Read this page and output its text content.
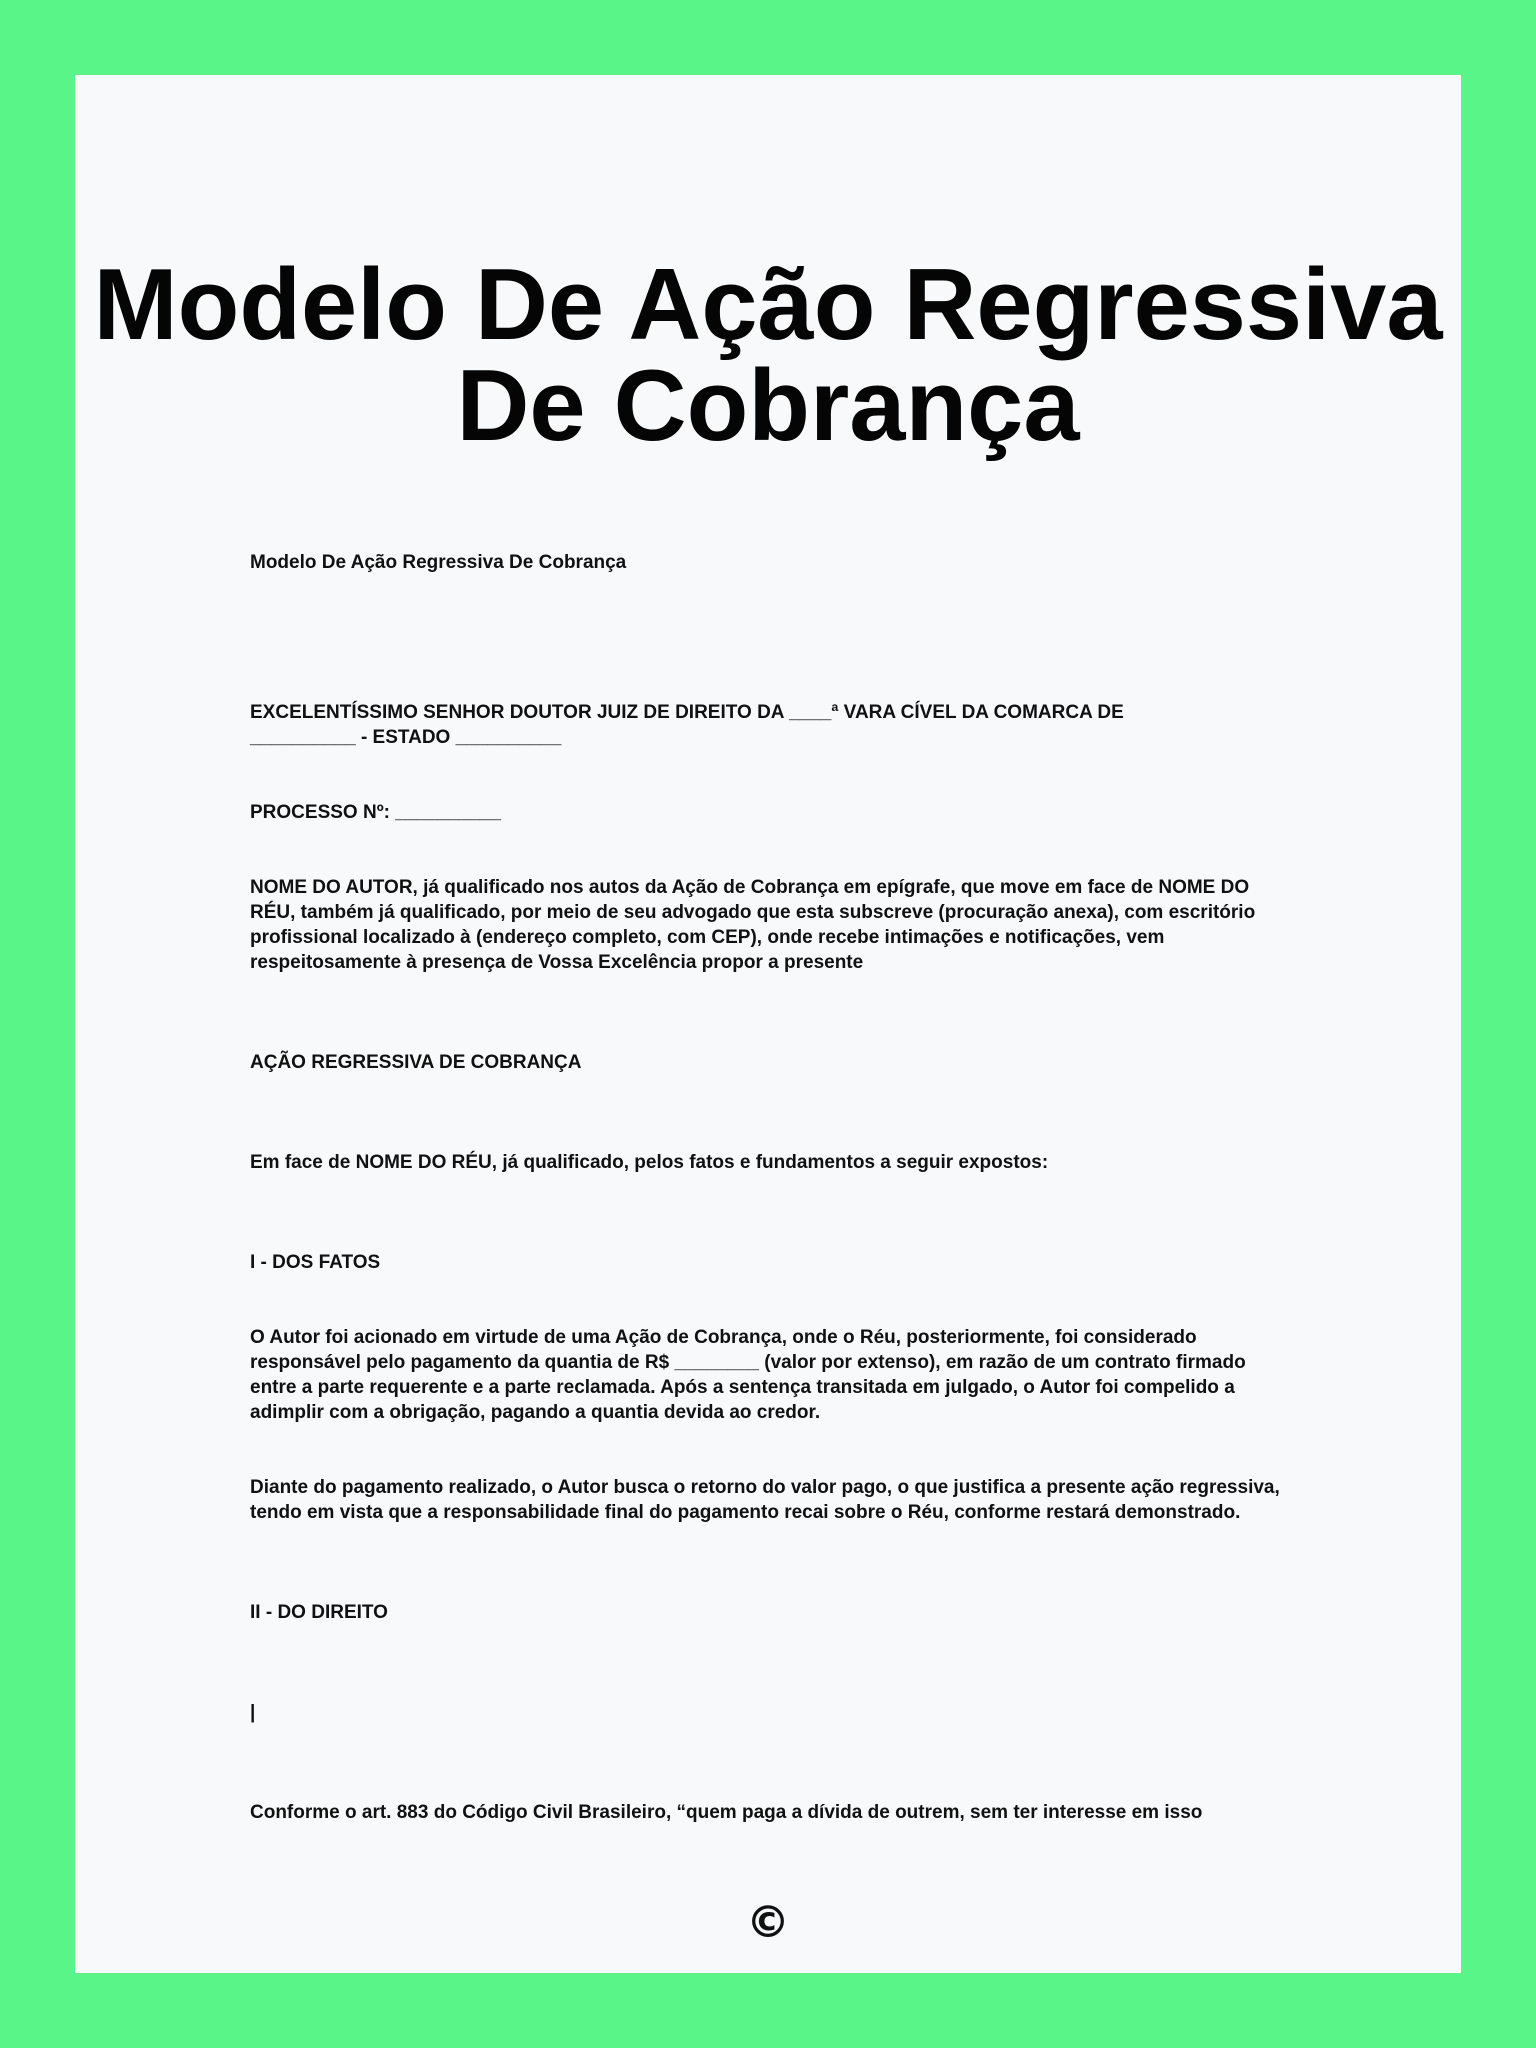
Modelo De Ação Regressiva
De Cobrança

Modelo De Ação Regressiva De Cobrança

EXCELENTÍSSIMO SENHOR DOUTOR JUIZ DE DIREITO DA ____ª VARA CÍVEL DA COMARCA DE
__________ - ESTADO __________

PROCESSO Nº: __________

NOME DO AUTOR, já qualificado nos autos da Ação de Cobrança em epígrafe, que move em face de NOME DO RÉU, também já qualificado, por meio de seu advogado que esta subscreve (procuração anexa), com escritório profissional localizado à (endereço completo, com CEP), onde recebe intimações e notificações, vem respeitosamente à presença de Vossa Excelência propor a presente

AÇÃO REGRESSIVA DE COBRANÇA

Em face de NOME DO RÉU, já qualificado, pelos fatos e fundamentos a seguir expostos:

I - DOS FATOS

O Autor foi acionado em virtude de uma Ação de Cobrança, onde o Réu, posteriormente, foi considerado responsável pelo pagamento da quantia de R$ ________ (valor por extenso), em razão de um contrato firmado entre a parte requerente e a parte reclamada. Após a sentença transitada em julgado, o Autor foi compelido a adimplir com a obrigação, pagando a quantia devida ao credor.

Diante do pagamento realizado, o Autor busca o retorno do valor pago, o que justifica a presente ação regressiva, tendo em vista que a responsabilidade final do pagamento recai sobre o Réu, conforme restará demonstrado.

II - DO DIREITO

|

Conforme o art. 883 do Código Civil Brasileiro, “quem paga a dívida de outrem, sem ter interesse em isso

©
